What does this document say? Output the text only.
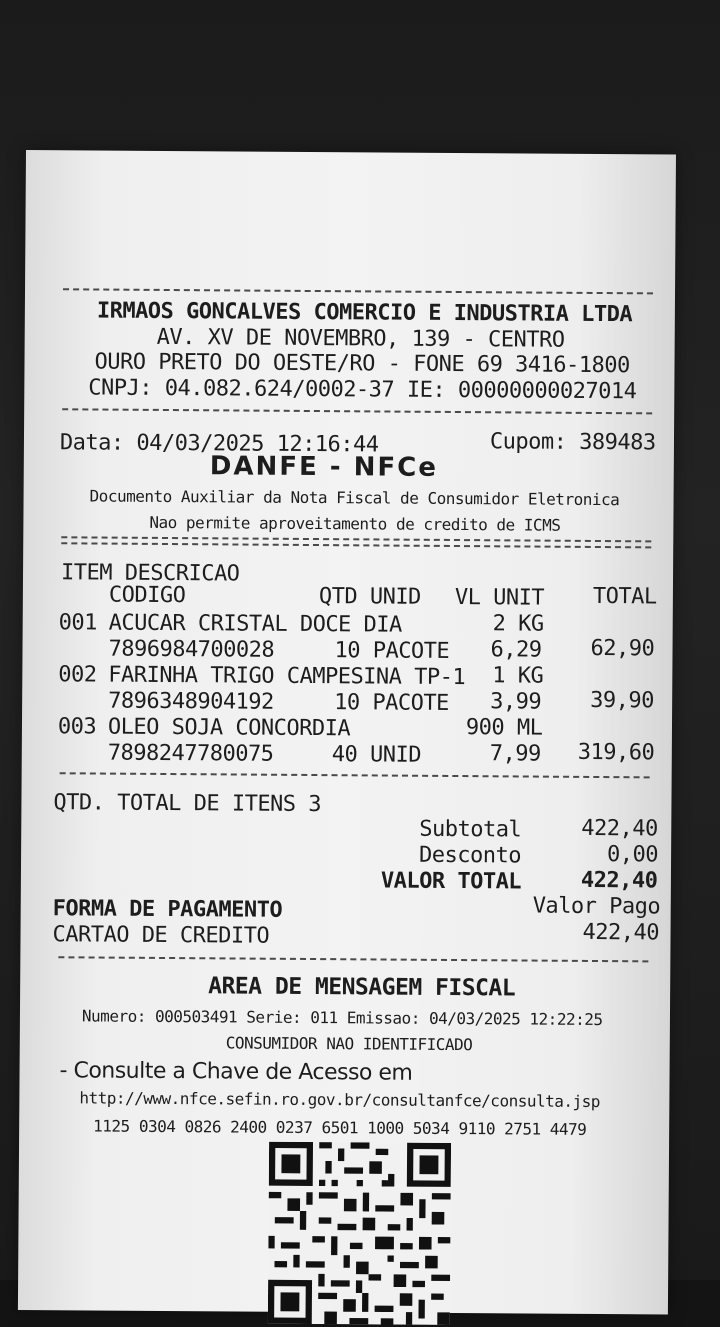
IRMAOS GONCALVES COMERCIO E INDUSTRIA LTDA
AV. XV DE NOVEMBRO, 139 - CENTRO
OURO PRETO DO OESTE/RO - FONE 69 3416-1800
CNPJ: 04.082.624/0002-37 IE: 00000000027014
Data: 04/03/2025 12:16:44	Cupom: 389483
DANFE - NFCe
Documento Auxiliar da Nota Fiscal de Consumidor Eletronica
Nao permite aproveitamento de credito de ICMS
ITEM DESCRICAO
CODIGO	QTD UNID VL UNIT TOTAL
001 ACUCAR CRISTAL DOCE DIA	2 KG
7896984700028	10 PACOTE 6,29 62,90
002 FARINHA TRIGO CAMPESINA TP-1 1 KG
7896348904192	10 PACOTE 3,99 39,90
003 OLEO SOJA CONCORDIA	900 ML
7898247780075	40 UNID	7,99 319,60
QTD. TOTAL DE ITENS 3
Subtotal	422,40
Desconto	0,00
VALOR TOTAL	422,40
FORMA DE PAGAMENTO	Valor Pago
CARTAO DE CREDITO	422,40
AREA DE MENSAGEM FISCAL
Numero: 000503491 Serie: 011 Emissao: 04/03/2025 12:22:25
CONSUMIDOR NAO IDENTIFICADO
- Consulte a Chave de Acesso em
http://www.nfce.sefin.ro.gov.br/consultanfce/consulta.jsp
1125 0304 0826 2400 0237 6501 1000 5034 9110 2751 4479
